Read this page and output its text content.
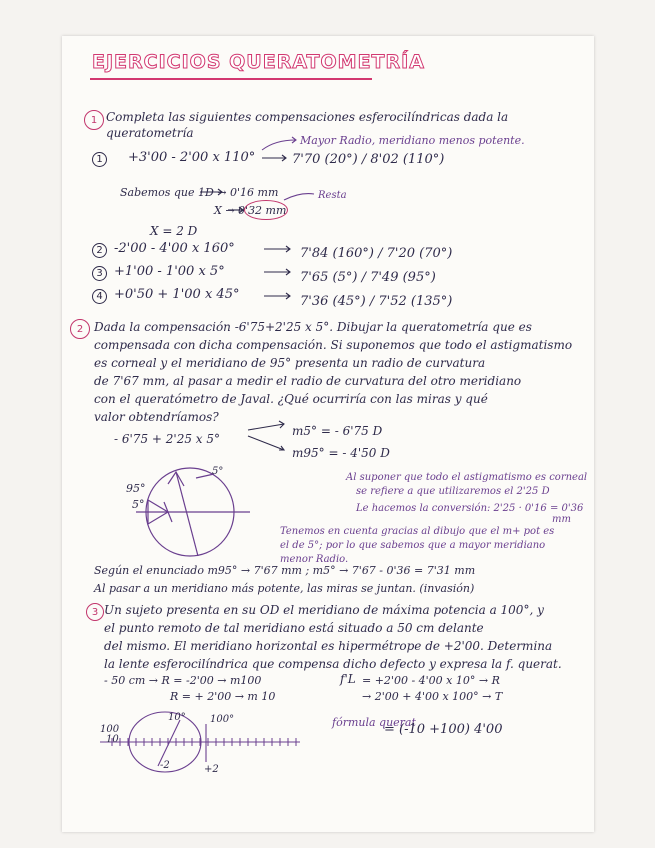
EJERCICIOS QUERATOMETRÍA
1 Completa las siguientes compensaciones esferocilíndricas dada la
queratometría
Mayor Radio, meridiano menos potente.
1 +3'00 - 2'00 x 110°	7'70 (20°) / 8'02 (110°)
Sabemos que 1D → 0'16 mm
X → 0'32 mm
Resta
X = 2 D
2 -2'00 - 4'00 x 160°	7'84 (160°) / 7'20 (70°)
3 +1'00 - 1'00 x 5°	7'65 (5°) / 7'49 (95°)
4 +0'50 + 1'00 x 45°	7'36 (45°) / 7'52 (135°)
2 Dada la compensación -6'75+2'25 x 5°. Dibujar la queratometría que es
compensada con dicha compensación. Si suponemos que todo el astigmatismo
es corneal y el meridiano de 95° presenta un radio de curvatura
de 7'67 mm, al pasar a medir el radio de curvatura del otro meridiano
con el queratómetro de Javal. ¿Qué ocurriría con las miras y qué
valor obtendríamos?
- 6'75 + 2'25 x 5°
m5° = - 6'75 D
m95° = - 4'50 D
95°
5°
5°
Al suponer que todo el astigmatismo es corneal
se refiere a que utilizaremos el 2'25 D
Le hacemos la conversión: 2'25 · 0'16 = 0'36
mm
Tenemos en cuenta gracias al dibujo que el m+ pot es
el de 5°; por lo que sabemos que a mayor meridiano
menor Radio.
Según el enunciado m95° → 7'67 mm ; m5° → 7'67 - 0'36 = 7'31 mm
Al pasar a un meridiano más potente, las miras se juntan. (invasión)
3 Un sujeto presenta en su OD el meridiano de máxima potencia a 100°, y
el punto remoto de tal meridiano está situado a 50 cm delante
del mismo. El meridiano horizontal es hipermétrope de +2'00. Determina
la lente esferocilíndrica que compensa dicho defecto y expresa la f. querat.
- 50 cm → R = -2'00 → m100
R = + 2'00 → m 10
f'L = +2'00 - 4'00 x 10° → R
→ 2'00 + 4'00 x 100° → T
100
10
10° 100°
-2	+2
fórmula querat
= (-10 +100) 4'00
